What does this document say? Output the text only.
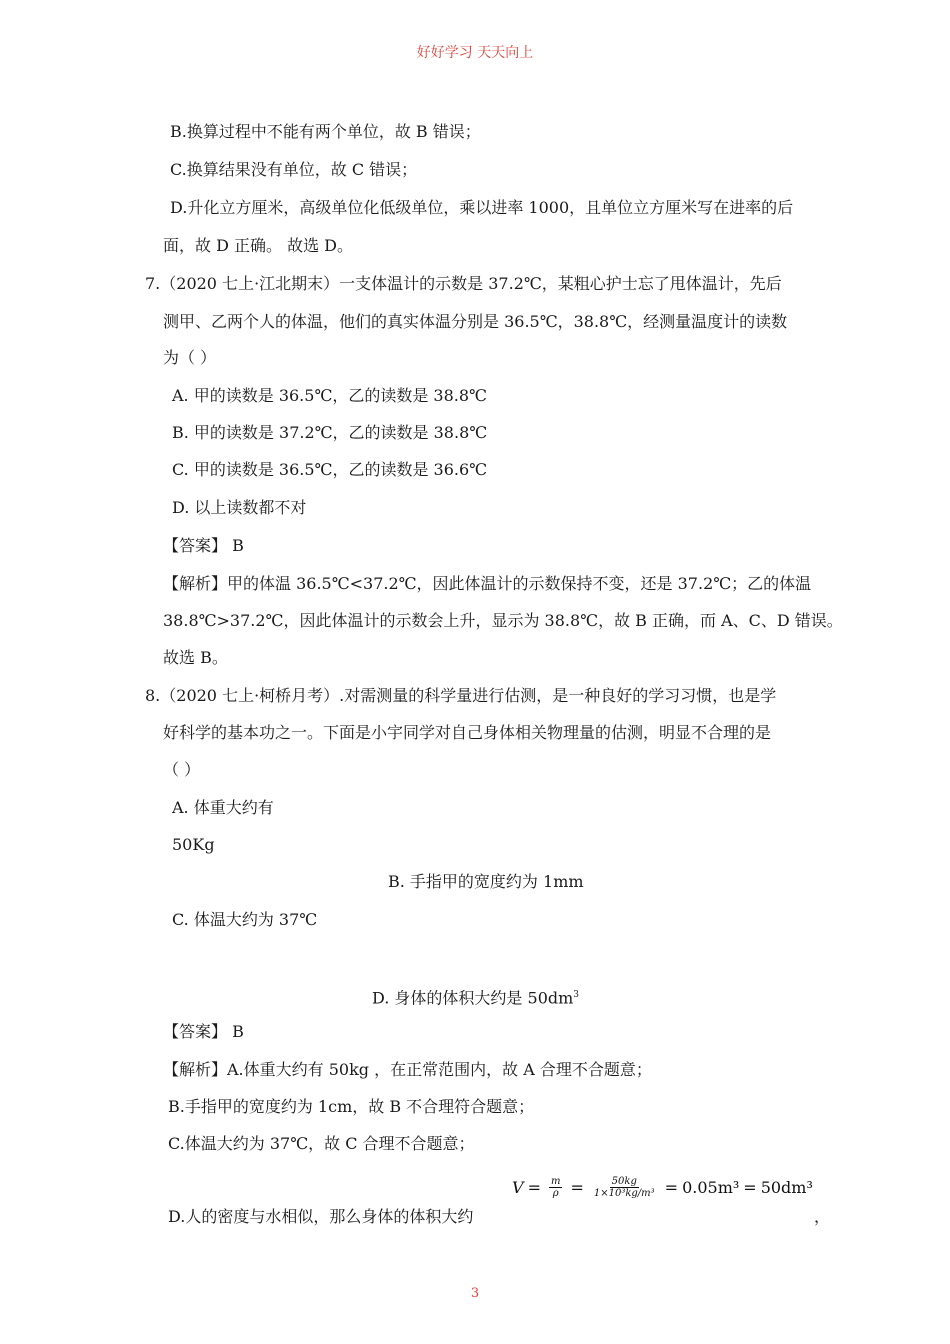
好好学习 天天向上
B.换算过程中不能有两个单位，故 B 错误；
C.换算结果没有单位，故 C 错误；
D.升化立方厘米，高级单位化低级单位，乘以进率 1000，且单位立方厘米写在进率的后
面，故 D 正确。 故选 D。
7.（2020 七上·江北期末）一支体温计的示数是 37.2℃，某粗心护士忘了甩体温计，先后
测甲、乙两个人的体温，他们的真实体温分别是 36.5℃，38.8℃，经测量温度计的读数
为（ ）
A. 甲的读数是 36.5℃，乙的读数是 38.8℃
B. 甲的读数是 37.2℃，乙的读数是 38.8℃
C. 甲的读数是 36.5℃，乙的读数是 36.6℃
D. 以上读数都不对
【答案】 B
【解析】甲的体温 36.5℃<37.2℃，因此体温计的示数保持不变，还是 37.2℃；乙的体温
38.8℃>37.2℃，因此体温计的示数会上升，显示为 38.8℃，故 B 正确，而 A、C、D 错误。
故选 B。
8.（2020 七上·柯桥月考）.对需测量的科学量进行估测，是一种良好的学习习惯，也是学
好科学的基本功之一。下面是小宇同学对自己身体相关物理量的估测，明显不合理的是
（ ）
A. 体重大约有
50Kg
B. 手指甲的宽度约为 1mm
C. 体温大约为 37℃
D. 身体的体积大约是 $50dm^3$
【答案】 B
【解析】A.体重大约有 50kg ，在正常范围内，故 A 合理不合题意；
B.手指甲的宽度约为 1cm，故 B 不合理符合题意；
C.体温大约为 37℃，故 C 合理不合题意；
D.人的密度与水相似，那么身体的体积大约
$V = \frac{m}{\rho} = \frac{50kg}{\text{1×10³kg/m³}} = 0.05m^3 = 50dm^3$
，
3
